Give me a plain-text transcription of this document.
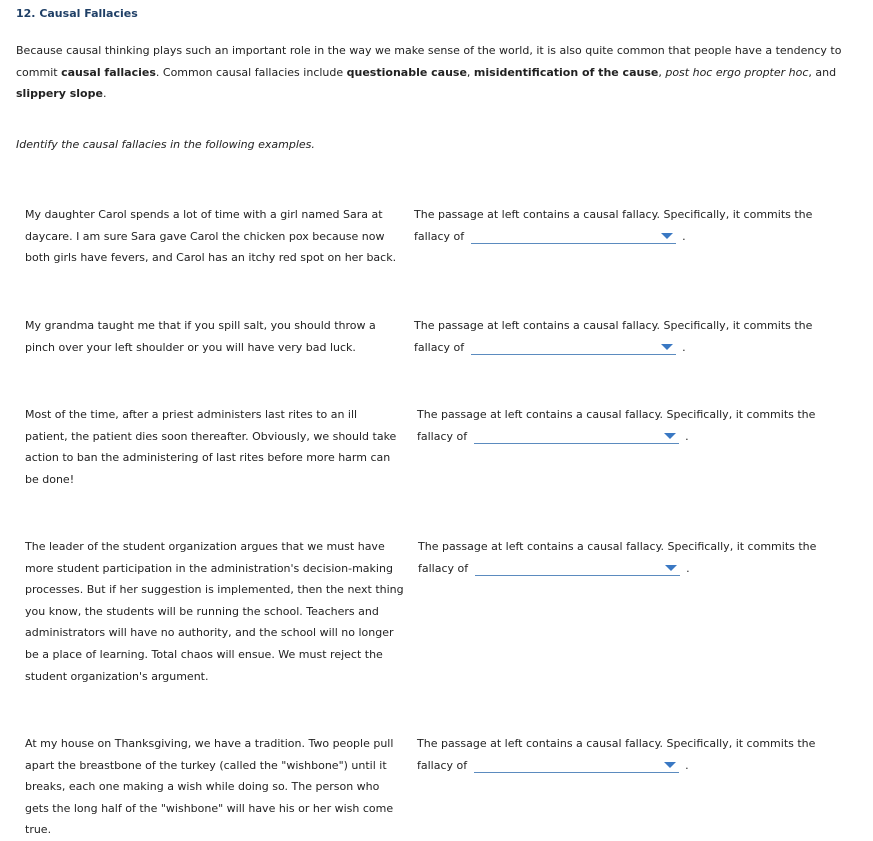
12. Causal Fallacies
Because causal thinking plays such an important role in the way we make sense of the world, it is also quite common that people have a tendency to commit causal fallacies. Common causal fallacies include questionable cause, misidentification of the cause, post hoc ergo propter hoc, and slippery slope.
Identify the causal fallacies in the following examples.
My daughter Carol spends a lot of time with a girl named Sara at
daycare. I am sure Sara gave Carol the chicken pox because now
both girls have fevers, and Carol has an itchy red spot on her back.
The passage at left contains a causal fallacy. Specifically, it commits the
fallacy of	.
My grandma taught me that if you spill salt, you should throw a
pinch over your left shoulder or you will have very bad luck.
The passage at left contains a causal fallacy. Specifically, it commits the
fallacy of	.
Most of the time, after a priest administers last rites to an ill
patient, the patient dies soon thereafter. Obviously, we should take
action to ban the administering of last rites before more harm can
be done!
The passage at left contains a causal fallacy. Specifically, it commits the
fallacy of	.
The leader of the student organization argues that we must have
more student participation in the administration's decision-making
processes. But if her suggestion is implemented, then the next thing
you know, the students will be running the school. Teachers and
administrators will have no authority, and the school will no longer
be a place of learning. Total chaos will ensue. We must reject the
student organization's argument.
The passage at left contains a causal fallacy. Specifically, it commits the
fallacy of	.
At my house on Thanksgiving, we have a tradition. Two people pull
apart the breastbone of the turkey (called the "wishbone") until it
breaks, each one making a wish while doing so. The person who
gets the long half of the "wishbone" will have his or her wish come
true.
The passage at left contains a causal fallacy. Specifically, it commits the
fallacy of	.
